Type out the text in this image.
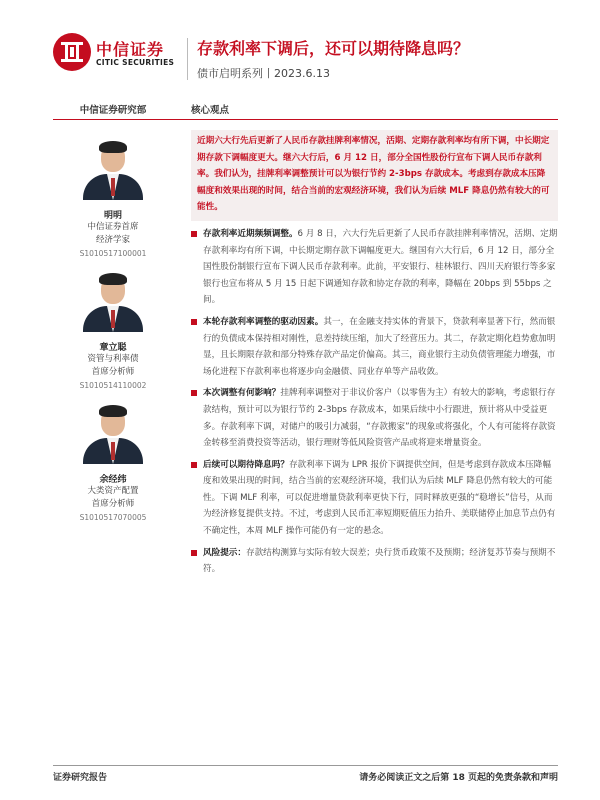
中信证券
CITIC SECURITIES
存款利率下调后，还可以期待降息吗？
债市启明系列丨2023.6.13
中信证券研究部
明明
中信证券首席
经济学家
S1010517100001
章立聪
资管与利率债
首席分析师
S1010514110002
余经纬
大类资产配置
首席分析师
S1010517070005
核心观点
近期六大行先后更新了人民币存款挂牌利率情况，活期、定期存款利率均有所下调，中长期定期存款下调幅度更大。继六大行后，6 月 12 日，部分全国性股份行宣布下调人民币存款利率。我们认为，挂牌利率调整预计可以为银行节约 2-3bps 存款成本。考虑到存款成本压降幅度和效果出现的时间，结合当前的宏观经济环境，我们认为后续 MLF 降息仍然有较大的可能性。
存款利率近期频频调整。6 月 8 日，六大行先后更新了人民币存款挂牌利率情况，活期、定期存款利率均有所下调，中长期定期存款下调幅度更大。继国有六大行后，6 月 12 日，部分全国性股份制银行宣布下调人民币存款利率。此前，平安银行、桂林银行、四川天府银行等多家银行也宣布将从 5 月 15 日起下调通知存款和协定存款的利率，降幅在 20bps 到 55bps 之间。
本轮存款利率调整的驱动因素。其一，在金融支持实体的背景下，贷款利率显著下行，然而银行的负债成本保持相对刚性，息差持续压缩，加大了经营压力。其二，存款定期化趋势愈加明显，且长期限存款和部分特殊存款产品定价偏高。其三，商业银行主动负债管理能力增强，市场化进程下存款利率也将逐步向金融债、同业存单等产品收敛。
本次调整有何影响？挂牌利率调整对于非议价客户（以零售为主）有较大的影响，考虑银行存款结构，预计可以为银行节约 2-3bps 存款成本，如果后续中小行跟进，预计将从中受益更多。存款利率下调，对储户的吸引力减弱，“存款搬家”的现象或将强化，个人有可能将存款资金转移至消费投资等活动，银行理财等低风险资管产品或将迎来增量资金。
后续可以期待降息吗？存款利率下调为 LPR 报价下调提供空间，但是考虑到存款成本压降幅度和效果出现的时间，结合当前的宏观经济环境，我们认为后续 MLF 降息仍然有较大的可能性。下调 MLF 利率，可以促进增量贷款利率更快下行，同时释放更强的“稳增长”信号，从而为经济修复提供支持。不过，考虑到人民币汇率短期贬值压力抬升、美联储停止加息节点仍有不确定性，本周 MLF 操作可能仍有一定的悬念。
风险提示：存款结构测算与实际有较大误差；央行货币政策不及预期；经济复苏节奏与预期不符。
证券研究报告	请务必阅读正文之后第 18 页起的免责条款和声明
